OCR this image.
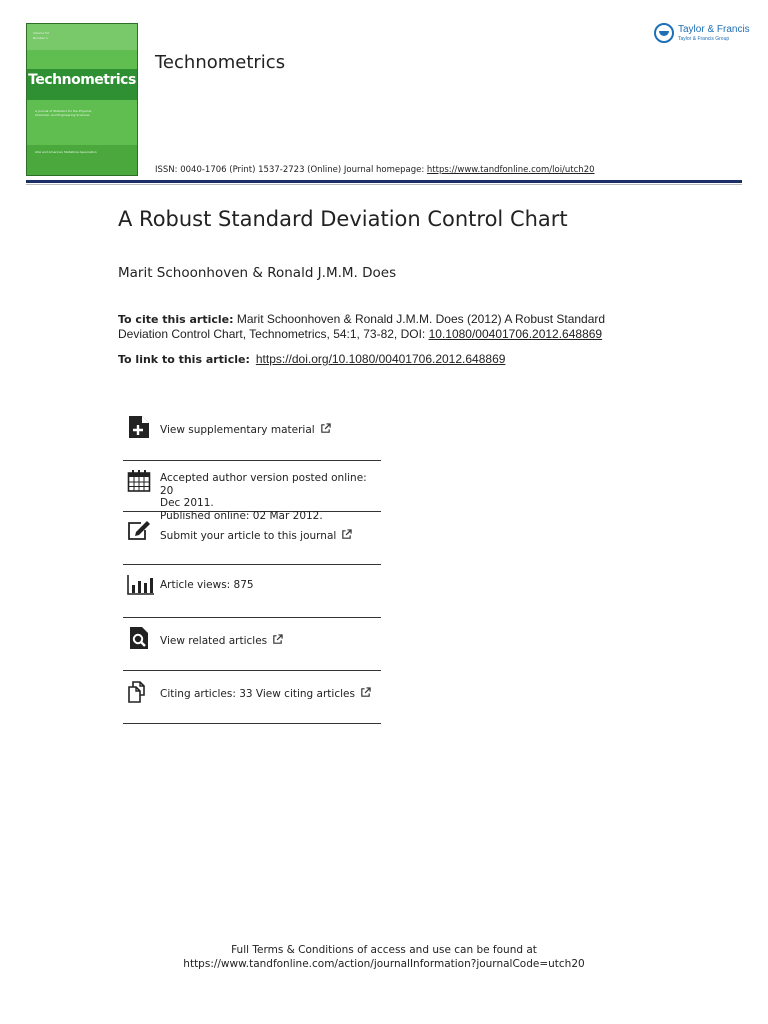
Volume 54
Number 1
Technometrics
A Journal of Statistics for the Physical, Chemical, and Engineering Sciences
ASA and American Statistical Association
Technometrics
Taylor & Francis
Taylor & Francis Group
ISSN: 0040-1706 (Print) 1537-2723 (Online) Journal homepage: https://www.tandfonline.com/loi/utch20
A Robust Standard Deviation Control Chart
Marit Schoonhoven & Ronald J.M.M. Does
To cite this article: Marit Schoonhoven & Ronald J.M.M. Does (2012) A Robust Standard Deviation Control Chart, Technometrics, 54:1, 73-82, DOI: 10.1080/00401706.2012.648869
To link to this article: https://doi.org/10.1080/00401706.2012.648869
View supplementary material
Accepted author version posted online: 20
Dec 2011.
Published online: 02 Mar 2012.
Submit your article to this journal
Article views: 875
View related articles
Citing articles: 33 View citing articles
Full Terms & Conditions of access and use can be found at
https://www.tandfonline.com/action/journalInformation?journalCode=utch20
